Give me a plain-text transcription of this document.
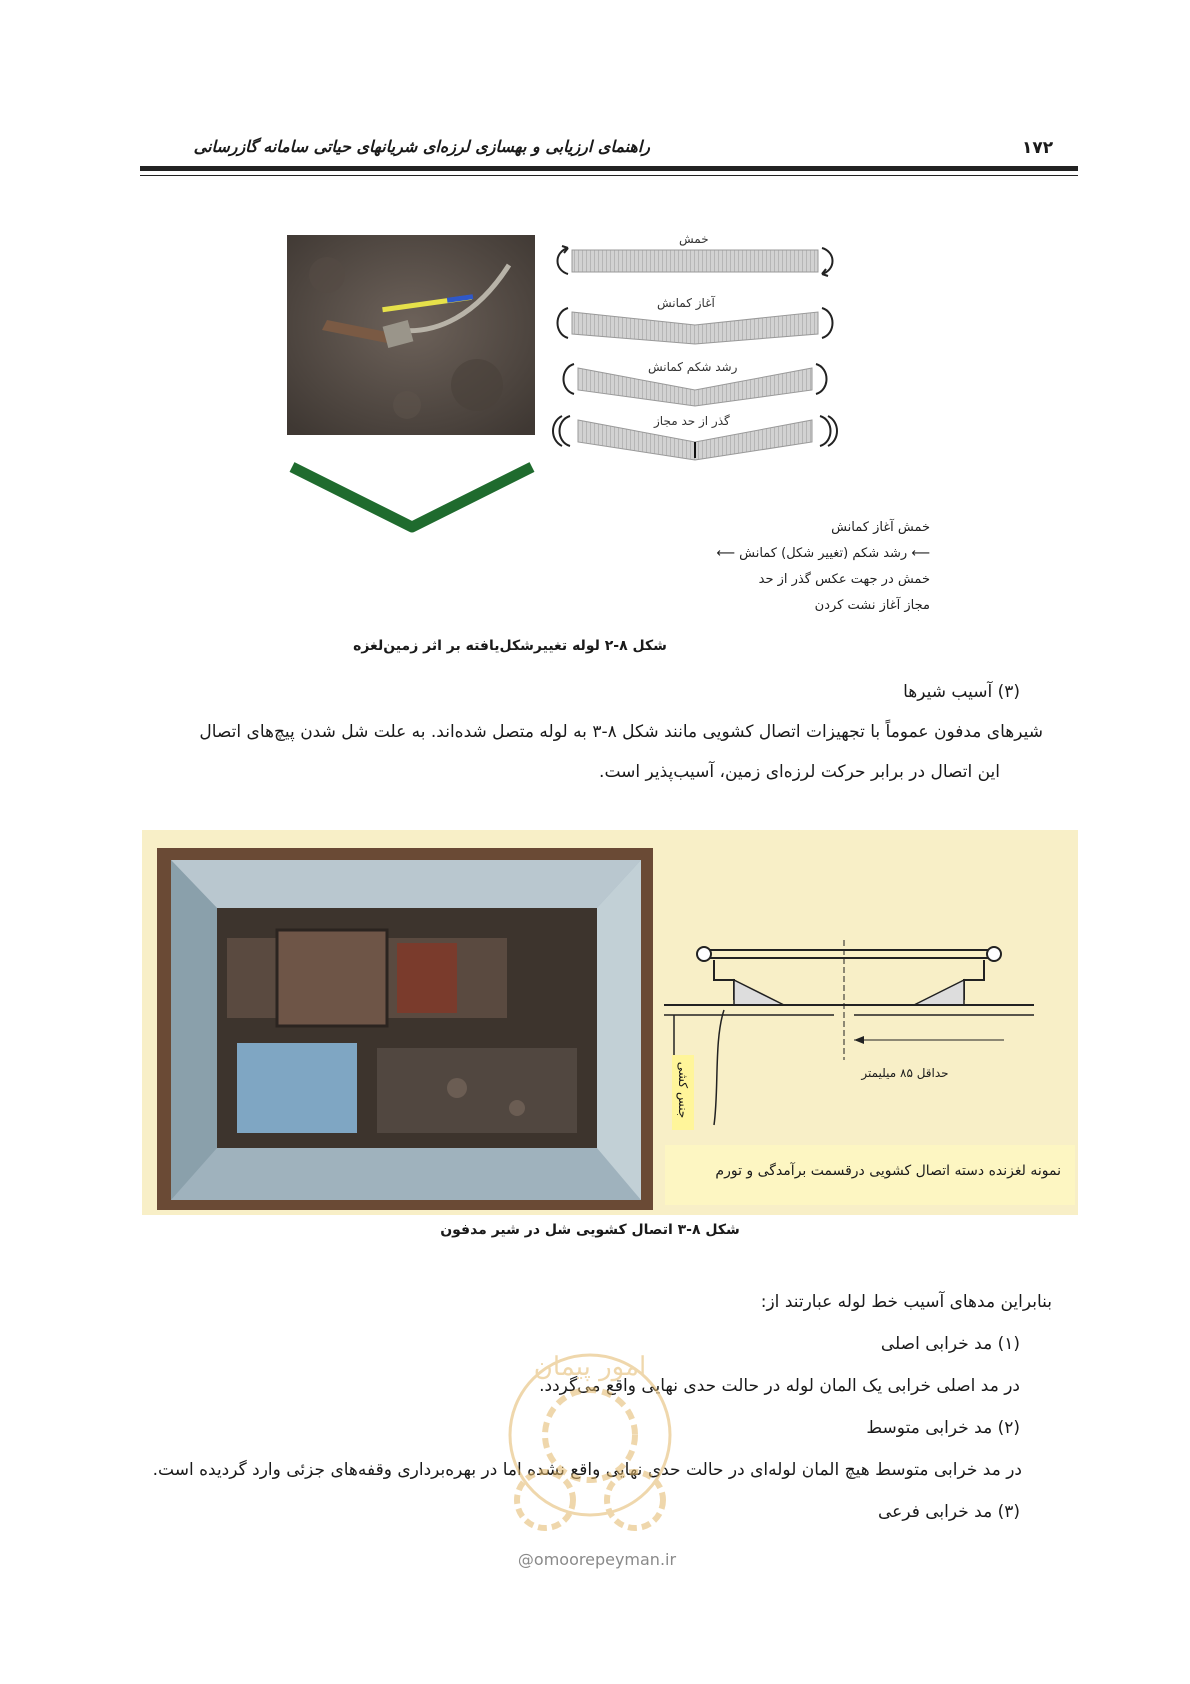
۱۷۲
راهنمای ارزیابی و بهسازی لرزه‌ای شریانهای حیاتی سامانه گازرسانی
خمش
آغاز کمانش
رشد شکم کمانش
گذر از حد مجاز
خمش آغاز کمانش
⟵ رشد شکم (تغییر شکل) کمانش ⟵
خمش در جهت عکس گذر از حد
مجاز آغاز نشت کردن
شکل ۸-۲ لوله تغییرشکل‌یافته بر اثر زمین‌لغزه
(۳) آسیب شیرها
شیرهای مدفون عموماً با تجهیزات اتصال کشویی مانند شکل ۸-۳ به لوله متصل شده‌اند. به علت شل شدن پیچ‌های اتصال
این اتصال در برابر حرکت لرزه‌ای زمین، آسیب‌پذیر است.
حداقل ۸۵ میلیمتر
جنس کشی
نمونه لغزنده دسته اتصال کشویی درقسمت برآمدگی و تورم
شکل ۸-۳ اتصال کشویی شل در شیر مدفون
بنابراین مدهای آسیب خط لوله عبارتند از:
(۱) مد خرابی اصلی
در مد اصلی خرابی یک المان لوله در حالت حدی نهایی واقع می‌گردد.
(۲) مد خرابی متوسط
در مد خرابی متوسط هیچ المان لوله‌ای در حالت حدی نهایی واقع نشده اما در بهره‌برداری وقفه‌های جزئی وارد گردیده است.
(۳) مد خرابی فرعی
امور پیمان
@omoorepeyman.ir
